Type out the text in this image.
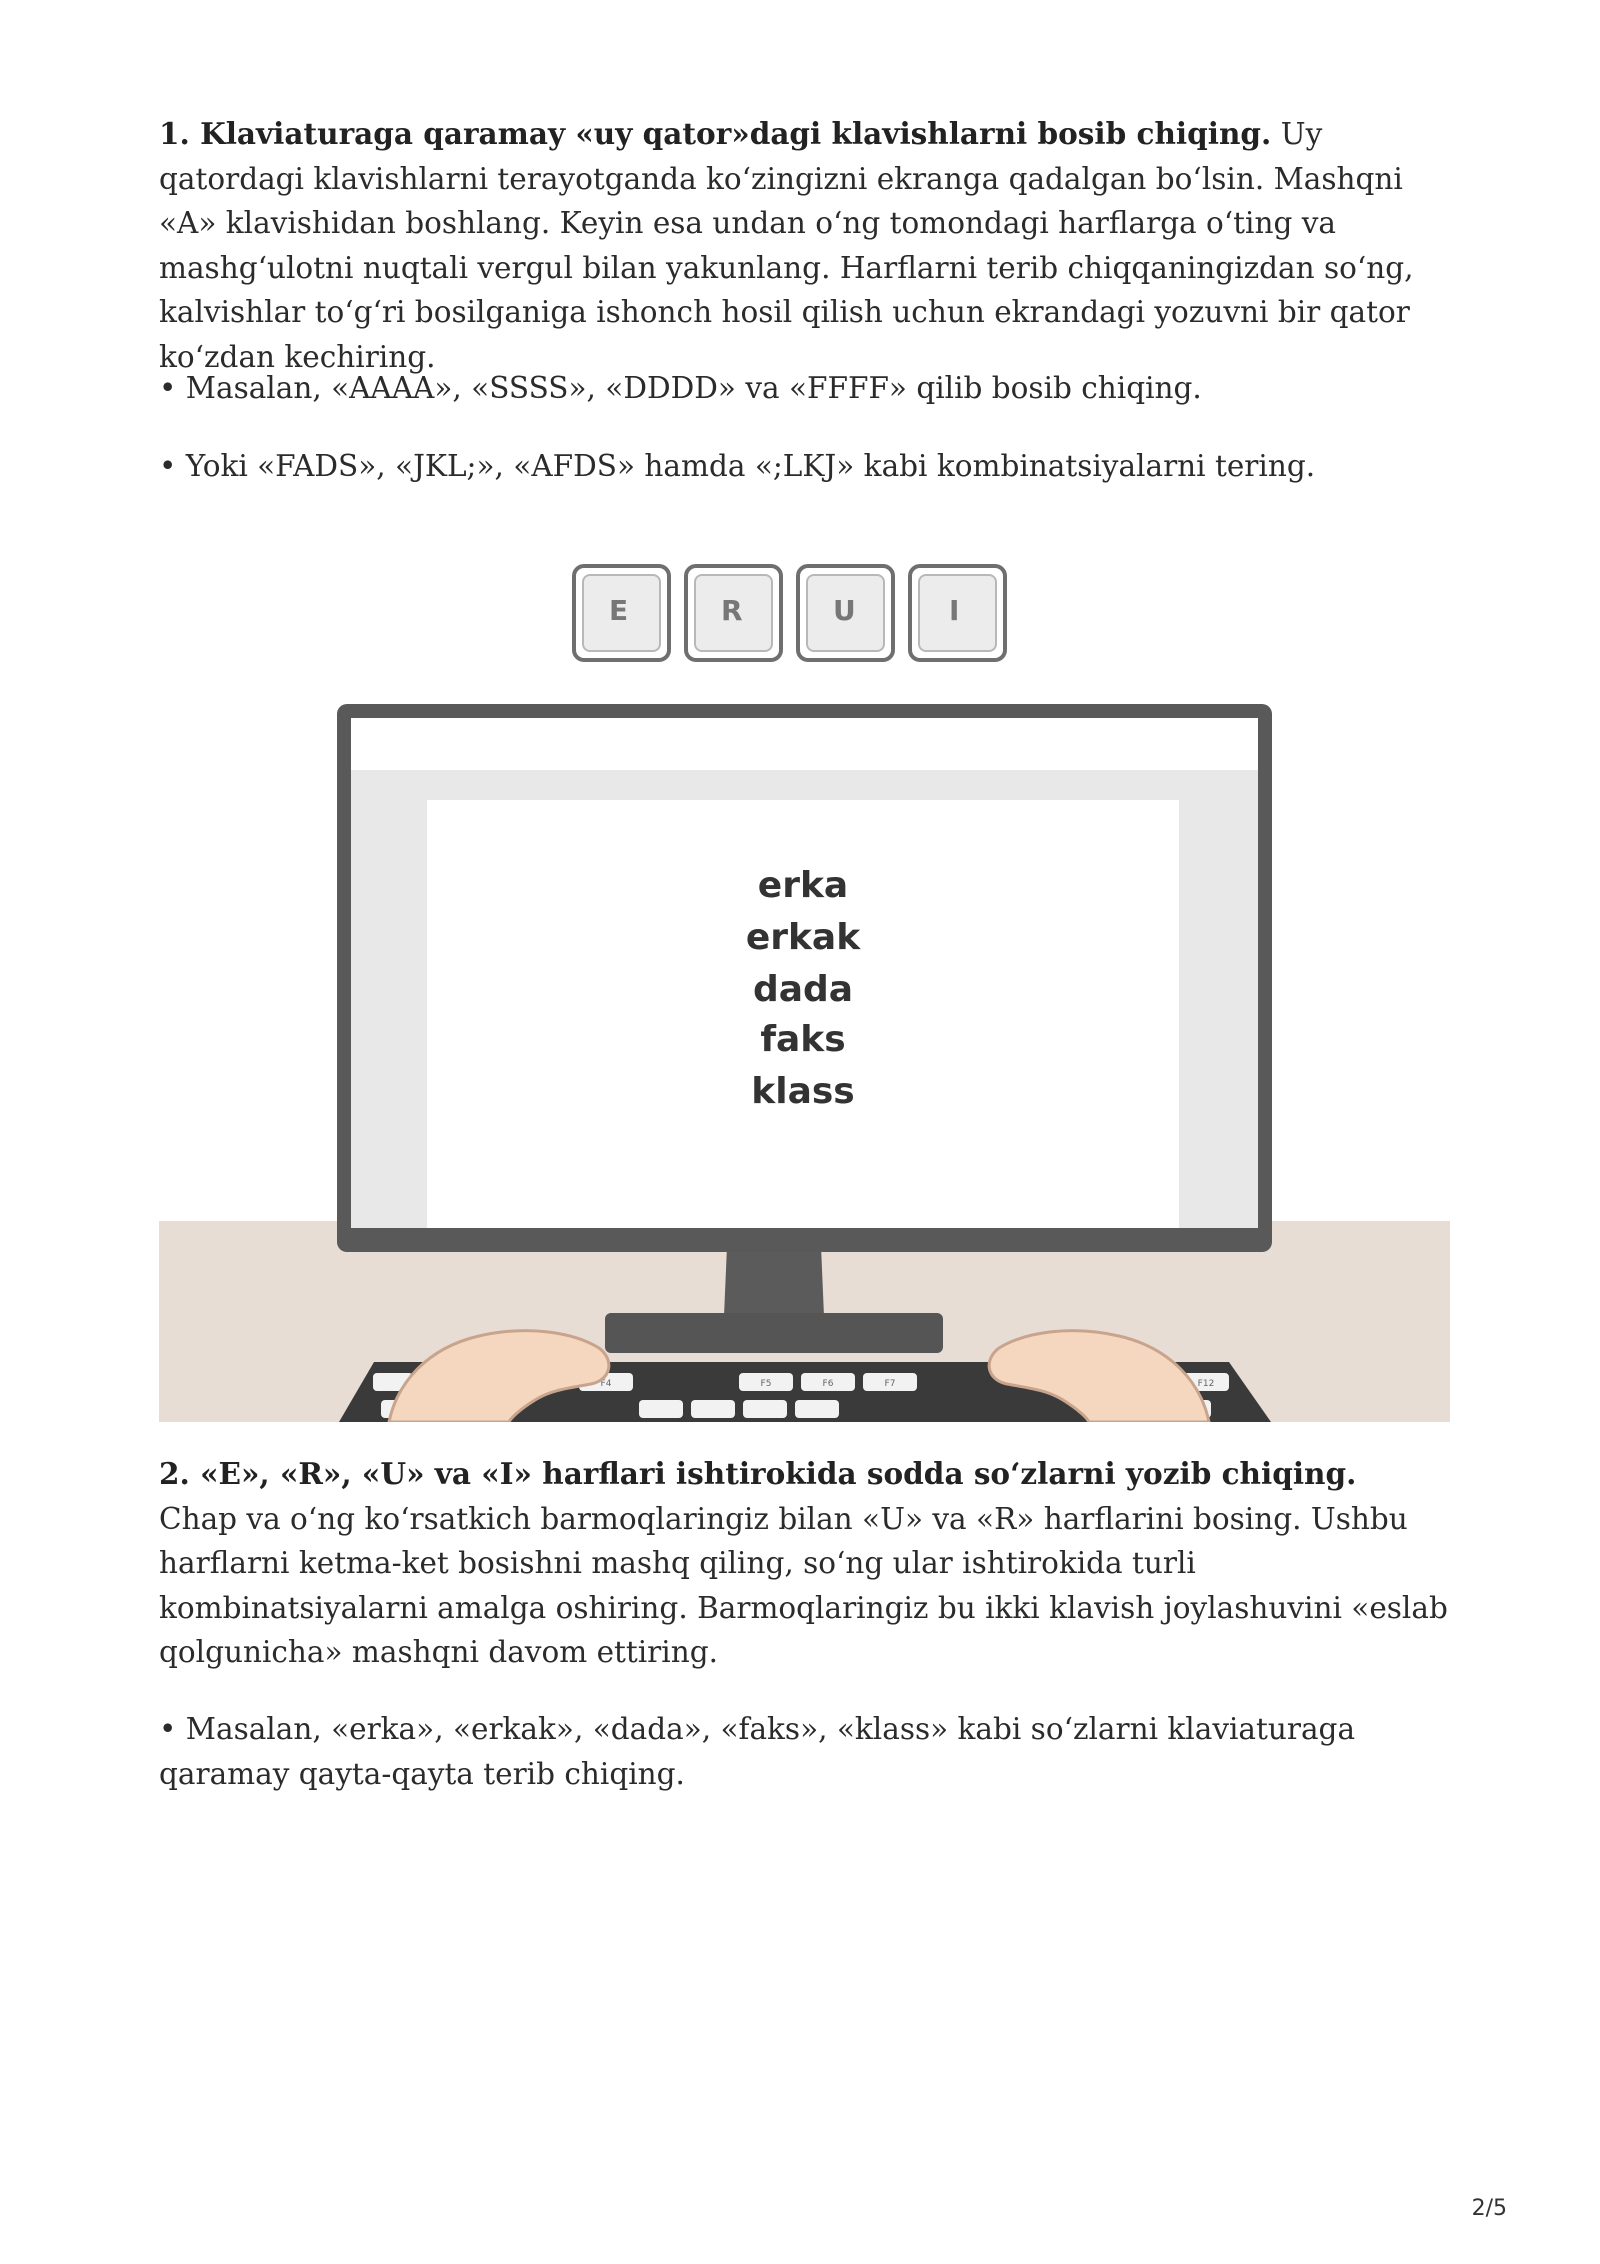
1. Klaviaturaga qaramay «uy qator»dagi klavishlarni bosib chiqing. Uy qatordagi klavishlarni terayotganda ko‘zingizni ekranga qadalgan bo‘lsin. Mashqni «A» klavishidan boshlang. Keyin esa undan o‘ng tomondagi harflarga o‘ting va mashg‘ulotni nuqtali vergul bilan yakunlang. Harflarni terib chiqqaningizdan so‘ng, kalvishlar to‘g‘ri bosilganiga ishonch hosil qilish uchun ekrandagi yozuvni bir qator ko‘zdan kechiring.

• Masalan, «AAAA», «SSSS», «DDDD» va «FFFF» qilib bosib chiqing.

• Yoki «FADS», «JKL;», «AFDS» hamda «;LKJ» kabi kombinatsiyalarni tering.

E	R	U	I
erka
erkak
dada
faks
klass
F4	F5	F6	F7	F12

2. «E», «R», «U» va «I» harflari ishtirokida sodda so‘zlarni yozib chiqing.
Chap va o‘ng ko‘rsatkich barmoqlaringiz bilan «U» va «R» harflarini bosing. Ushbu harflarni ketma-ket bosishni mashq qiling, so‘ng ular ishtirokida turli kombinatsiyalarni amalga oshiring. Barmoqlaringiz bu ikki klavish joylashuvini «eslab qolgunicha» mashqni davom ettiring.

• Masalan, «erka», «erkak», «dada», «faks», «klass» kabi so‘zlarni klaviaturaga qaramay qayta-qayta terib chiqing.

2/5
